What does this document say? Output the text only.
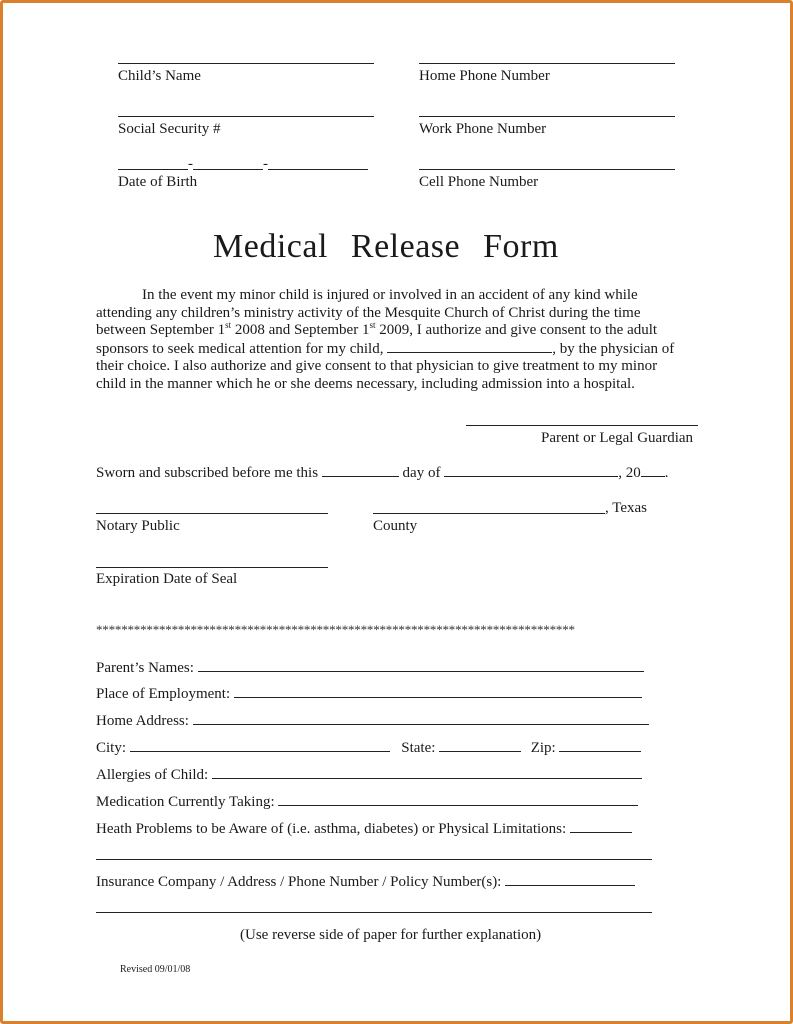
Child’s Name	Home Phone Number
Social Security #	Work Phone Number
-	-
Date of Birth	Cell Phone Number
Medical Release Form
In the event my minor child is injured or involved in an accident of any kind while
attending any children’s ministry activity of the Mesquite Church of Christ during the time
between September 1st 2008 and September 1st 2009, I authorize and give consent to the adult
sponsors to seek medical attention for my child,	, by the physician of
their choice. I also authorize and give consent to that physician to give treatment to my minor
child in the manner which he or she deems necessary, including admission into a hospital.
Parent or Legal Guardian
Sworn and subscribed before me this	day of	, 20 .
Notary Public
, Texas
County
Expiration Date of Seal
****************************************************************************
Parent’s Names:
Place of Employment:
Home Address:
City:	State:	Zip:
Allergies of Child:
Medication Currently Taking:
Heath Problems to be Aware of (i.e. asthma, diabetes) or Physical Limitations:
Insurance Company / Address / Phone Number / Policy Number(s):
(Use reverse side of paper for further explanation)
Revised 09/01/08
